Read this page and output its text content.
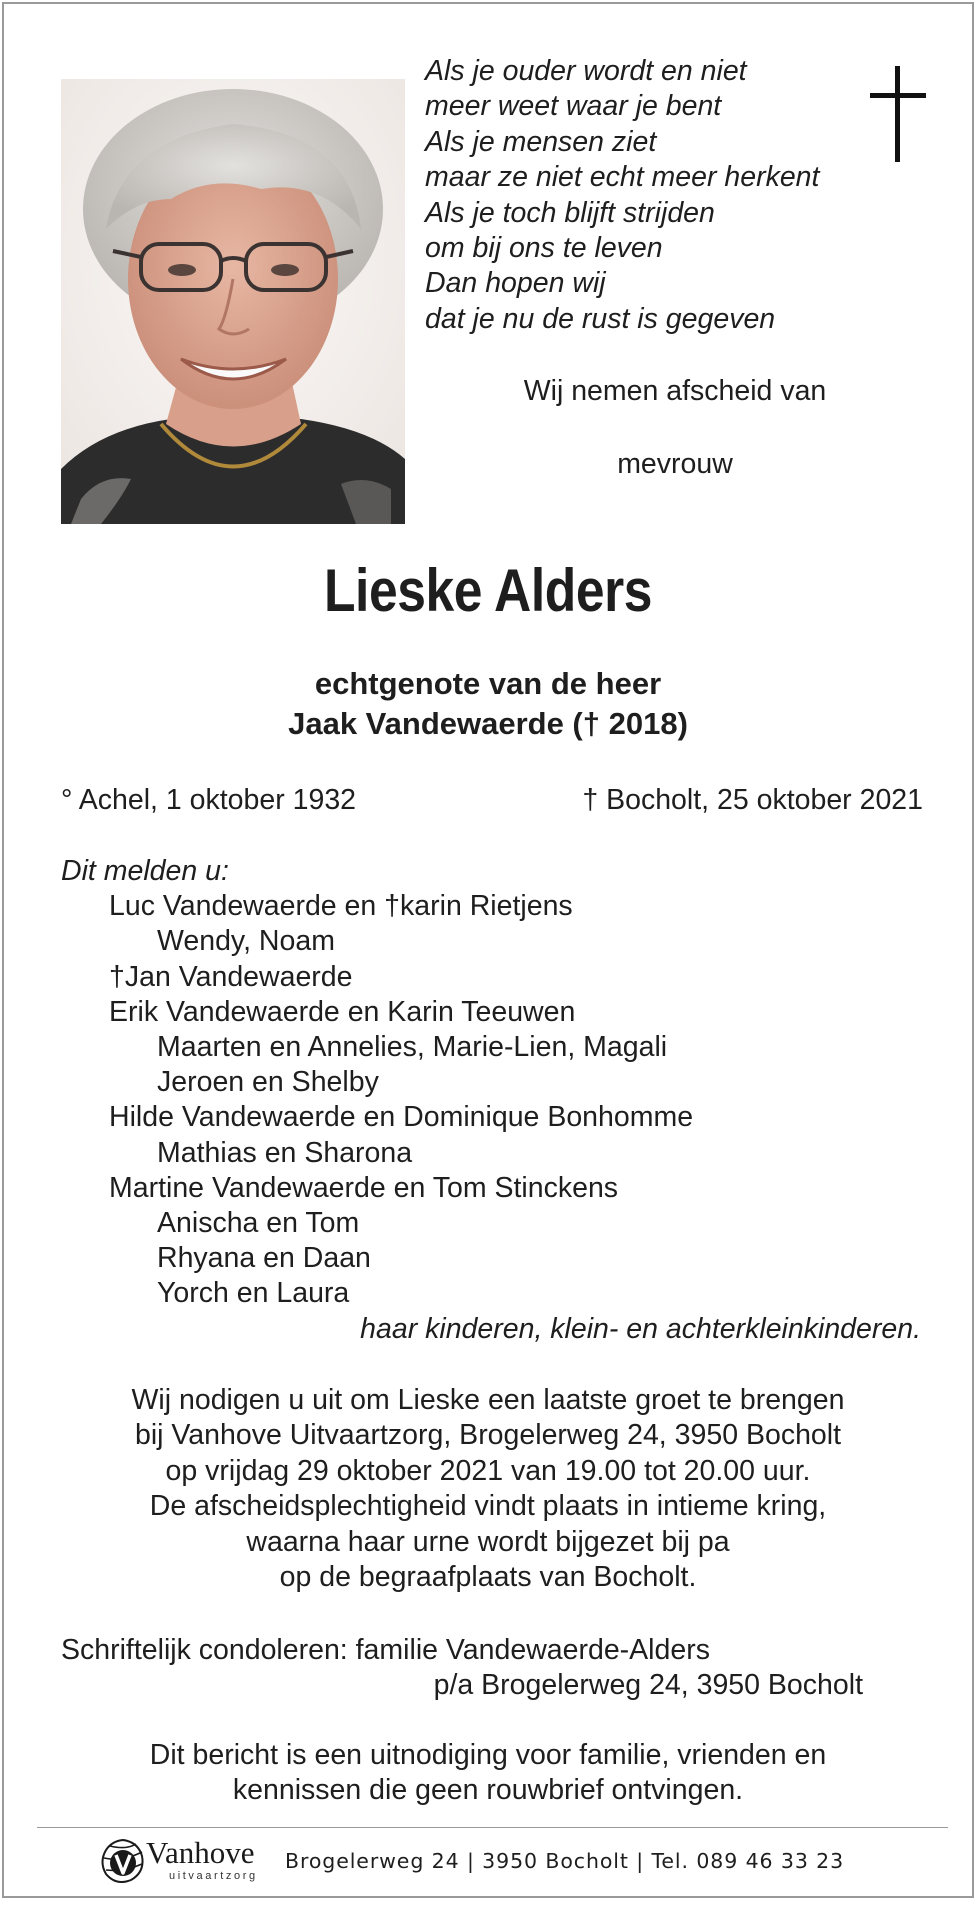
Als je ouder wordt en niet
meer weet waar je bent
Als je mensen ziet
maar ze niet echt meer herkent
Als je toch blijft strijden
om bij ons te leven
Dan hopen wij
dat je nu de rust is gegeven
Wij nemen afscheid van
mevrouw
Lieske Alders
echtgenote van de heer
Jaak Vandewaerde († 2018)
° Achel, 1 oktober 1932	† Bocholt, 25 oktober 2021
Dit melden u:
Luc Vandewaerde en †karin Rietjens
Wendy, Noam
†Jan Vandewaerde
Erik Vandewaerde en Karin Teeuwen
Maarten en Annelies, Marie-Lien, Magali
Jeroen en Shelby
Hilde Vandewaerde en Dominique Bonhomme
Mathias en Sharona
Martine Vandewaerde en Tom Stinckens
Anischa en Tom
Rhyana en Daan
Yorch en Laura
haar kinderen, klein- en achterkleinkinderen.
Wij nodigen u uit om Lieske een laatste groet te brengen
bij Vanhove Uitvaartzorg, Brogelerweg 24, 3950 Bocholt
op vrijdag 29 oktober 2021 van 19.00 tot 20.00 uur.
De afscheidsplechtigheid vindt plaats in intieme kring,
waarna haar urne wordt bijgezet bij pa
op de begraafplaats van Bocholt.
Schriftelijk condoleren: familie Vandewaerde-Alders
p/a Brogelerweg 24, 3950 Bocholt
Dit bericht is een uitnodiging voor familie, vrienden en
kennissen die geen rouwbrief ontvingen.
Vanhove
uitvaartzorg
Brogelerweg 24 | 3950 Bocholt | Tel. 089 46 33 23
